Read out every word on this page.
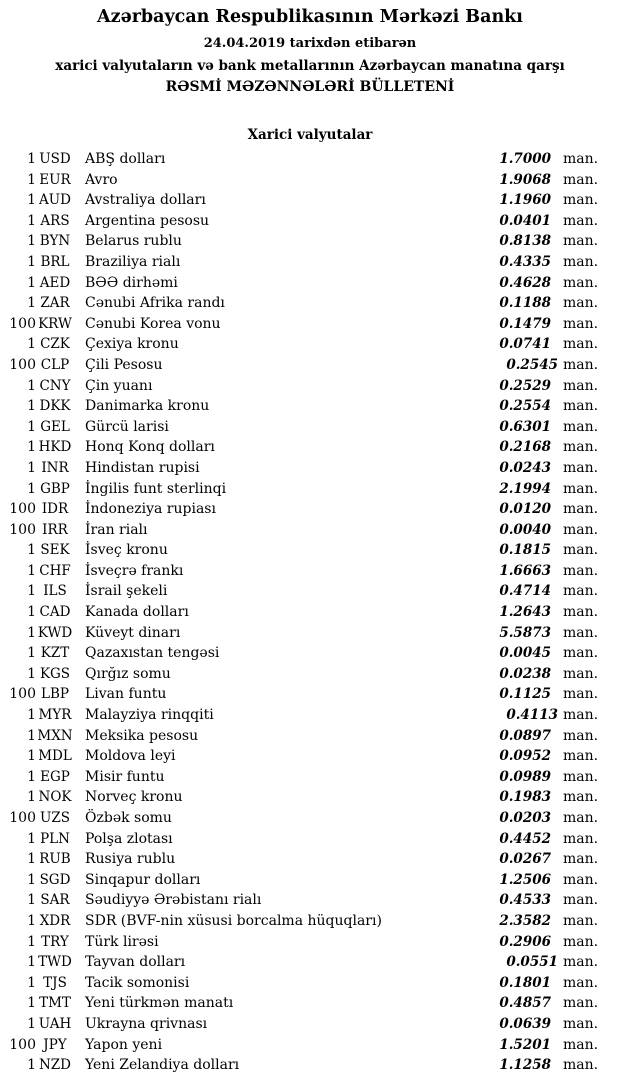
Azərbaycan Respublikasının Mərkəzi Bankı
24.04.2019 tarixdən etibarən
xarici valyutaların və bank metallarının Azərbaycan manatına qarşı
RƏSMİ MƏZƏNNƏLƏRİ BÜLLETENİ
Xarici valyutalar
1 USD	ABŞ dolları	1.7000 man.
1 EUR	Avro	1.9068 man.
1 AUD	Avstraliya dolları	1.1960 man.
1 ARS	Argentina pesosu	0.0401 man.
1 BYN	Belarus rublu	0.8138 man.
1 BRL	Braziliya rialı	0.4335 man.
1 AED	BƏƏ dirhəmi	0.4628 man.
1 ZAR	Cənubi Afrika randı	0.1188 man.
100 KRW Cənubi Korea vonu	0.1479 man.
1 CZK	Çexiya kronu	0.0741 man.
100 CLP	Çili Pesosu	0.2545 man.
1 CNY	Çin yuanı	0.2529 man.
1 DKK	Danimarka kronu	0.2554 man.
1 GEL	Gürcü larisi	0.6301 man.
1 HKD Honq Konq dolları	0.2168 man.
1 INR	Hindistan rupisi	0.0243 man.
1 GBP	İngilis funt sterlinqi	2.1994 man.
100 IDR	İndoneziya rupiası	0.0120 man.
100 IRR	İran rialı	0.0040 man.
1 SEK	İsveç kronu	0.1815 man.
1 CHF	İsveçrə frankı	1.6663 man.
1 ILS	İsrail şekeli	0.4714 man.
1 CAD	Kanada dolları	1.2643 man.
1 KWD Küveyt dinarı	5.5873 man.
1 KZT	Qazaxıstan tengəsi	0.0045 man.
1 KGS	Qırğız somu	0.0238 man.
100 LBP	Livan funtu	0.1125 man.
1 MYR Malayziya rinqqiti	0.4113 man.
1 MXN Meksika pesosu	0.0897 man.
1 MDL Moldova leyi	0.0952 man.
1 EGP	Misir funtu	0.0989 man.
1 NOK Norveç kronu	0.1983 man.
100 UZS	Özbək somu	0.0203 man.
1 PLN	Polşa zlotası	0.4452 man.
1 RUB	Rusiya rublu	0.0267 man.
1 SGD	Sinqapur dolları	1.2506 man.
1 SAR	Səudiyyə Ərəbistanı rialı	0.4533 man.
1 XDR	SDR (BVF-nin xüsusi borcalma hüquqları)	2.3582 man.
1 TRY	Türk lirəsi	0.2906 man.
1 TWD Tayvan dolları	0.0551 man.
1 TJS	Tacik somonisi	0.1801 man.
1 TMT	Yeni türkmən manatı	0.4857 man.
1 UAH Ukrayna qrivnası	0.0639 man.
100 JPY	Yapon yeni	1.5201 man.
1 NZD Yeni Zelandiya dolları	1.1258 man.
